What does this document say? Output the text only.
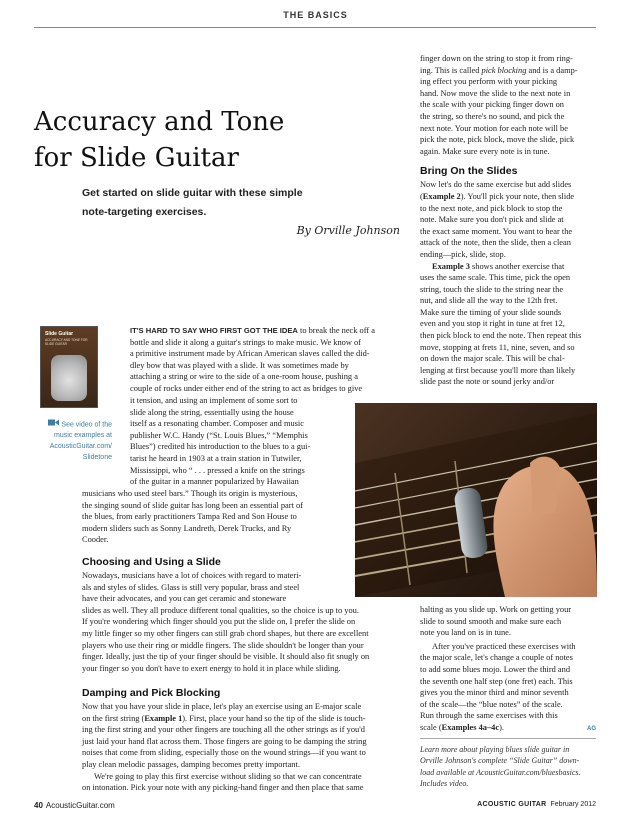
THE BASICS
Accuracy and Tone
for Slide Guitar
Get started on slide guitar with these simple
note-targeting exercises.
By Orville Johnson

finger down on the string to stop it from ring-
ing. This is called pick blocking and is a damp-
ing effect you perform with your picking
hand. Now move the slide to the next note in
the scale with your picking finger down on
the string, so there's no sound, and pick the
next note. Your motion for each note will be
pick the note, pick block, move the slide, pick
again. Make sure every note is in tune.

Bring On the Slides

Now let's do the same exercise but add slides
(Example 2). You'll pick your note, then slide
to the next note, and pick block to stop the
note. Make sure you don't pick and slide at
the exact same moment. You want to hear the
attack of the note, then the slide, then a clean
ending—pick, slide, stop.

Example 3 shows another exercise that
uses the same scale. This time, pick the open
string, touch the slide to the string near the
nut, and slide all the way to the 12th fret.
Make sure the timing of your slide sounds
even and you stop it right in tune at fret 12,
then pick block to end the note. Then repeat this
move, stopping at frets 11, nine, seven, and so
on down the major scale. This will be chal-
lenging at first because you'll more than likely
slide past the note or sound jerky and/or

Slide Guitar
ACCURACY AND TONE FOR SLIDE GUITAR
See video of the
music examples at
AcousticGuitar.com/
Slidetone

IT'S HARD TO SAY WHO FIRST GOT THE IDEA to break the neck off a
bottle and slide it along a guitar's strings to make music. We know of
a primitive instrument made by African American slaves called the did-
dley bow that was played with a slide. It was sometimes made by
attaching a string or wire to the side of a one-room house, pushing a
couple of rocks under either end of the string to act as bridges to give

it tension, and using an implement of some sort to
slide along the string, essentially using the house
itself as a resonating chamber. Composer and music
publisher W.C. Handy (“St. Louis Blues,” “Memphis
Blues”) credited his introduction to the blues to a gui-
tarist he heard in 1903 at a train station in Tutwiler,
Mississippi, who “ . . . pressed a knife on the strings
of the guitar in a manner popularized by Hawaiian

musicians who used steel bars.” Though its origin is mysterious,
the singing sound of slide guitar has long been an essential part of
the blues, from early practitioners Tampa Red and Son House to
modern sliders such as Sonny Landreth, Derek Trucks, and Ry
Cooder.

Choosing and Using a Slide

Nowadays, musicians have a lot of choices with regard to materi-
als and styles of slides. Glass is still very popular, brass and steel
have their advocates, and you can get ceramic and stoneware
slides as well. They all produce different tonal qualities, so the choice is up to you.
If you're wondering which finger should you put the slide on, I prefer the slide on
my little finger so my other fingers can still grab chord shapes, but there are excellent
players who use their ring or middle fingers. The slide shouldn't be longer than your
finger. Ideally, just the tip of your finger should be visible. It should also fit snugly on
your finger so you don't have to exert energy to hold it in place while sliding.

Damping and Pick Blocking

Now that you have your slide in place, let's play an exercise using an E-major scale
on the first string (Example 1). First, place your hand so the tip of the slide is touch-
ing the first string and your other fingers are touching all the other strings as if you'd
just laid your hand flat across them. Those fingers are going to be damping the string
noises that come from sliding, especially those on the wound strings—if you want to
play clean melodic passages, damping becomes pretty important.

We're going to play this first exercise without sliding so that we can concentrate
on intonation. Pick your note with any picking-hand finger and then place that same

halting as you slide up. Work on getting your
slide to sound smooth and make sure each
note you land on is in tune.

After you've practiced these exercises with
the major scale, let's change a couple of notes
to add some blues mojo. Lower the third and
the seventh one half step (one fret) each. This
gives you the minor third and minor seventh
of the scale—the “blue notes” of the scale.
Run through the same exercises with this
scale (Examples 4a–4c).	AG

Learn more about playing blues slide guitar in
Orville Johnson's complete “Slide Guitar” down-
load available at AcousticGuitar.com/bluesbasics.
Includes video.
40 AcousticGuitar.com	ACOUSTIC GUITAR February 2012
